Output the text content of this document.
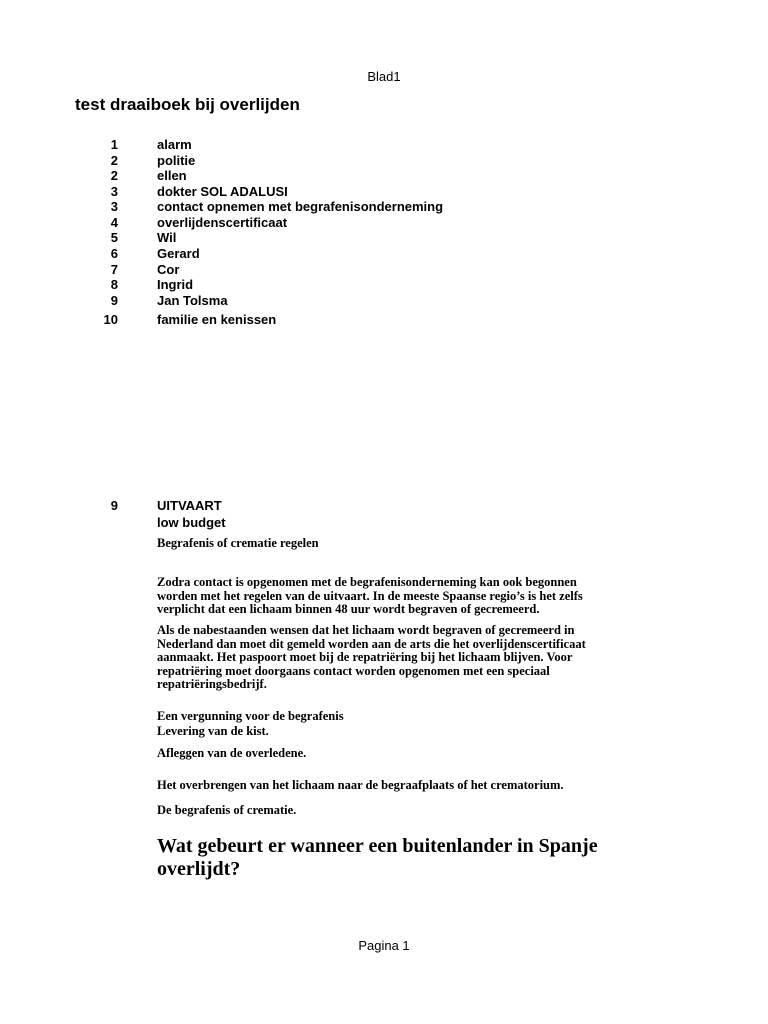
Blad1
test draaiboek bij overlijden
1	alarm
2	politie
2	ellen
3	dokter SOL ADALUSI
3	contact opnemen met begrafenisonderneming
4	overlijdenscertificaat
5	Wil
6	Gerard
7	Cor
8	Ingrid
9	Jan Tolsma
10	familie en kenissen
9	UITVAART
low budget
Begrafenis of crematie regelen
Zodra contact is opgenomen met de begrafenisonderneming kan ook begonnen worden met het regelen van de uitvaart. In de meeste Spaanse regio’s is het zelfs verplicht dat een lichaam binnen 48 uur wordt begraven of gecremeerd.
Als de nabestaanden wensen dat het lichaam wordt begraven of gecremeerd in Nederland dan moet dit gemeld worden aan de arts die het overlijdenscertificaat aanmaakt. Het paspoort moet bij de repatriëring bij het lichaam blijven. Voor repatriëring moet doorgaans contact worden opgenomen met een speciaal repatriëringsbedrijf.
Een vergunning voor de begrafenis
Levering van de kist.
Afleggen van de overledene.
Het overbrengen van het lichaam naar de begraafplaats of het crematorium.
De begrafenis of crematie.
Wat gebeurt er wanneer een buitenlander in Spanje overlijdt?
Pagina 1
